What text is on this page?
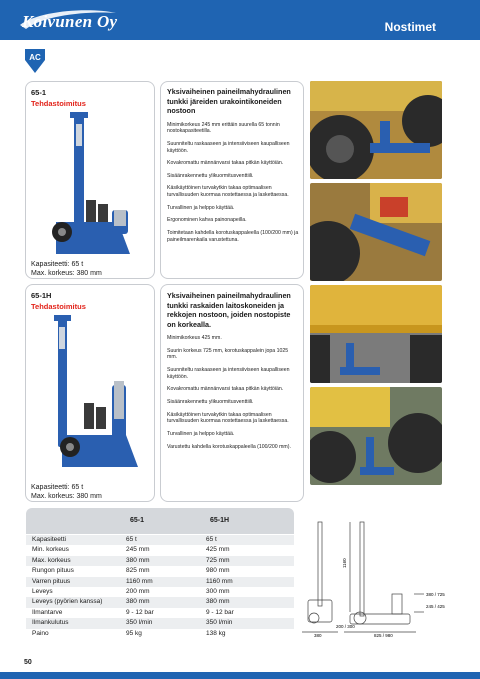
Koivunen Oy	Nostimet
AC
65-1
Tehdastoimitus
Kapasiteetti: 65 t
Max. korkeus: 380 mm
Yksivaiheinen paineilmahydraulinen tunkki järeiden urakointikoneiden nostoon
Minimikorkeus 245 mm erittäin suurella 65 tonnin nostokapasiteetilla.
Suunniteltu raskaaseen ja intensiiviseen kaupalliseen käyttöön.
Kovakromattu männänvarsi takaa pitkän käyttöiän.
Sisäänrakennettu ylikuormitusventtiili.
Käsikäyttöinen turvakytkin takaa optimaalisen turvallisuuden kuormaa nostettaessa ja laskettaessa.
Turvallinen ja helppo käyttää.
Ergonominen kahva painonapeilla.
Toimitetaan kahdella korotuskappaleella (100/200 mm) ja paineilmarenkaila varustettuna.
65-1H
Tehdastoimitus
Kapasiteetti: 65 t
Max. korkeus: 380 mm
Yksivaiheinen paineilmahydraulinen tunkki raskaiden laitoskoneiden ja rekkojen nostoon, joiden nostopiste on korkealla.
Minimikorkeus 425 mm.
Suurin korkeus 725 mm, korotuskappalein jopa 1025 mm.
Suunniteltu raskaaseen ja intensiiviseen kaupalliseen käyttöön.
Kovakromattu männänvarsi takaa pitkän käyttöiän.
Sisäänrakennettu ylikuormitusventtiili.
Käsikäyttöinen turvakytkin takaa optimaalisen turvallisuuden kuormaa nostettaessa ja laskettaessa.
Turvallinen ja helppo käyttää.
Varustettu kahdella korotuskappaleella (100/200 mm).
65-1	65-1H
Kapasiteetti	65 t	65 t
Min. korkeus	245 mm	425 mm
Max. korkeus	380 mm	725 mm
Rungon pituus	825 mm	980 mm
Varren pituus	1160 mm	1160 mm
Leveys	200 mm	300 mm
Leveys (pyörien kanssa)	380 mm	380 mm
Ilmantarve	9 - 12 bar	9 - 12 bar
Ilmankulutus	350 l/min	350 l/min
Paino	95 kg	138 kg
1160
380 / 725
245 / 425
380
200 / 300
825 / 980
50
